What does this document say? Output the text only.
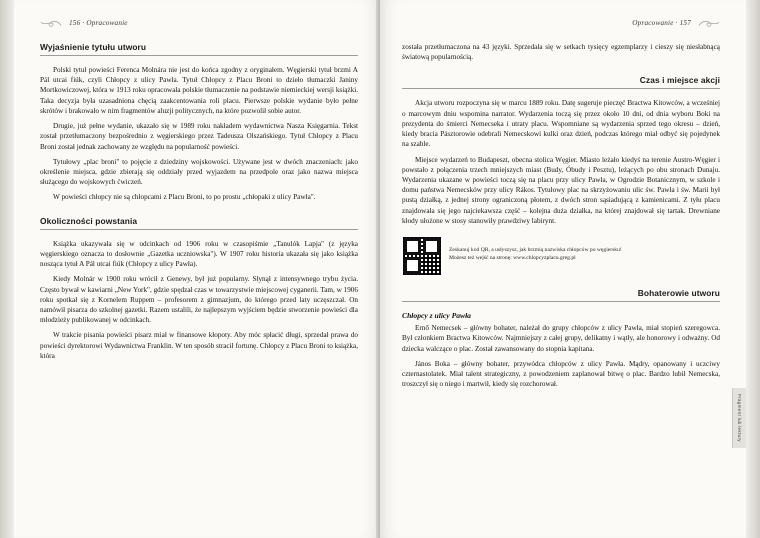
156 · Opracowanie
Wyjaśnienie tytułu utworu

Polski tytuł powieści Ferenca Molnára nie jest do końca zgodny z oryginałem. Węgierski tytuł brzmi A Pál utcai fiúk, czyli Chłopcy z ulicy Pawła. Tytuł Chłopcy z Placu Broni to dzieło tłumaczki Janiny Mortkowiczowej, która w 1913 roku opracowała polskie tłumaczenie na podstawie niemieckiej wersji książki. Taka decyzja była uzasadniona chęcią zaakcentowania roli placu. Pierwsze polskie wydanie było pełne skrótów i brakowało w nim fragmentów aluzji politycznych, na które pozwolił sobie autor.

Drugie, już pełne wydanie, ukazało się w 1989 roku nakładem wydawnictwa Nasza Księgarnia. Tekst został przetłumaczony bezpośrednio z węgierskiego przez Tadeusza Olszańskiego. Tytuł Chłopcy z Placu Broni został jednak zachowany ze względu na popularność powieści.

Tytułowy „plac broni" to pojęcie z dziedziny wojskowości. Używane jest w dwóch znaczeniach: jako określenie miejsca, gdzie zbierają się oddziały przed wyjazdem na przedpole oraz jako nazwa miejsca służącego do wojskowych ćwiczeń.

W powieści chłopcy nie są chłopcami z Placu Broni, to po prostu „chłopaki z ulicy Pawła".

Okoliczności powstania

Książka ukazywała się w odcinkach od 1906 roku w czasopiśmie „Tanulók Lapja" (z języka węgierskiego oznacza to dosłownie „Gazetka uczniowska"). W 1907 roku historia ukazała się jako książka nosząca tytuł A Pál utcai fiúk (Chłopcy z ulicy Pawła).

Kiedy Molnár w 1900 roku wrócił z Genewy, był już popularny. Słynął z intensywnego trybu życia. Często bywał w kawiarni „New York", gdzie spędzał czas w towarzystwie miejscowej cyganerii. Tam, w 1906 roku spotkał się z Kornelem Ruppem – profesorem z gimnazjum, do którego przed laty uczęszczał. On namówił pisarza do szkolnej gazetki. Razem ustalili, że najlepszym wyjściem będzie stworzenie powieści dla młodzieży publikowanej w odcinkach.

W trakcie pisania powieści pisarz miał w finansowe kłopoty. Aby móc spłacić długi, sprzedał prawa do powieści dyrektorowi Wydawnictwa Franklin. W ten sposób stracił fortunę. Chłopcy z Placu Broni to książka, która

Opracowanie · 157

została przetłumaczona na 43 języki. Sprzedała się w setkach tysięcy egzemplarzy i cieszy się niesłabnącą światową popularnością.

Czas i miejsce akcji

Akcja utworu rozpoczyna się w marcu 1889 roku. Datę sugeruje pieczęć Bractwa Kitowców, a wcześniej o marcowym dniu wspomina narrator. Wydarzenia toczą się przez około 10 dni, od dnia wyboru Boki na prezydenta do śmierci Nemecseka i utraty placu. Wspomniane są wydarzenia sprzed tego okresu – dzień, kiedy bracia Pásztorowie odebrali Nemecskowi kulki oraz dzień, podczas którego miał odbyć się pojedynek na szable.

Miejsce wydarzeń to Budapeszt, obecna stolica Węgier. Miasto leżało kiedyś na terenie Austro-Węgier i powstało z połączenia trzech mniejszych miast (Budy, Óbudy i Pesztu), leżących po obu stronach Dunaju. Wydarzenia ukazane w powieści toczą się na placu przy ulicy Pawła, w Ogrodzie Botanicznym, w szkole i domu państwa Nemecsków przy ulicy Rákos. Tytułowy plac na skrzyżowaniu ulic św. Pawła i św. Marii był pustą działką, z jednej strony ograniczoną płotem, z dwóch stron sąsiadującą z kamienicami. Z tyłu placu znajdowała się jego najciekawsza część – kolejna duża działka, na której znajdował się tartak. Drewniane kłody ułożone w stosy stanowiły prawdziwy labirynt.

Zeskanuj kod QR, a usłyszysz, jak brzmią nazwiska chłopców po węgiersku!
Możesz też wejść na stronę: www.chlopcyzplacu.greg.pl
Bohaterowie utworu
Chłopcy z ulicy Pawła

Ernő Nemecsek – główny bohater, należał do grupy chłopców z ulicy Pawła, miał stopień szeregowca. Był członkiem Bractwa Kitowców. Najmniejszy z całej grupy, delikatny i wątły, ale honorowy i odważny. Od dziecka walczące o plac. Został zawansowany do stopnia kapitana.

János Boka – główny bohater, przywódca chłopców z ulicy Pawła. Mądry, opanowany i uczciwy czternastolatek. Miał talent strategiczny, z powodzeniem zaplanował bitwę o plac. Bardzo lubił Nemecska, troszczył się o niego i martwił, kiedy się rozchorował.

Fragment lub lektury
